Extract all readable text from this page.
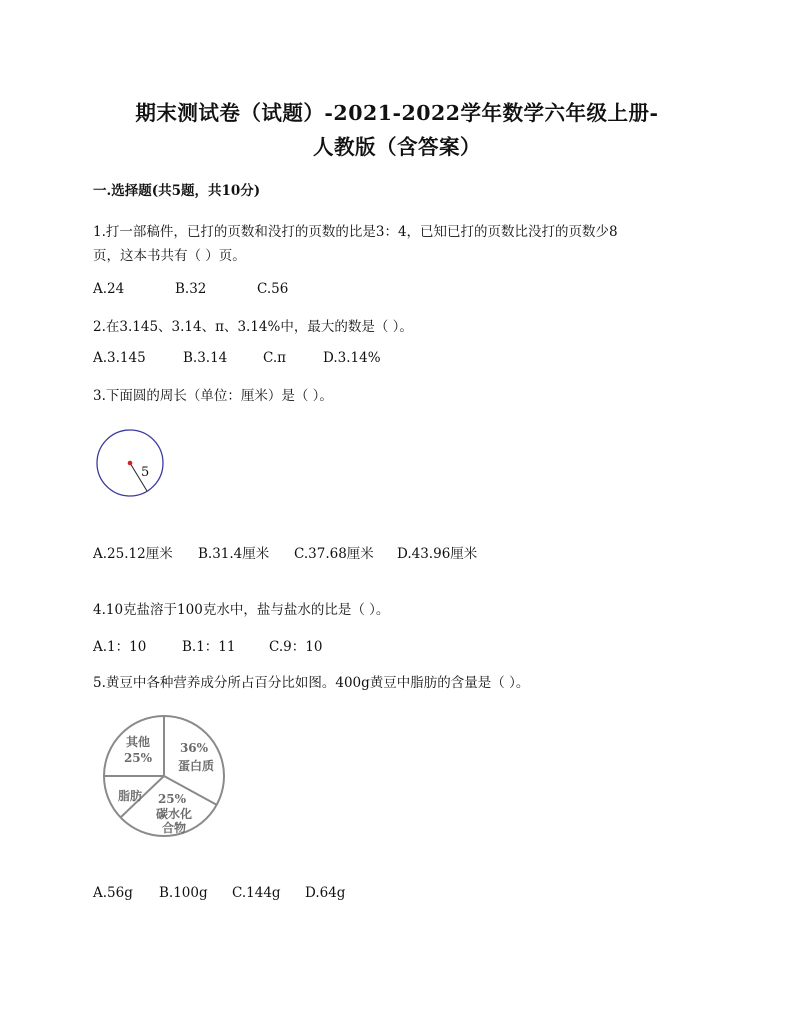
期末测试卷（试题）-2021-2022学年数学六年级上册-
人教版（含答案）
一.选择题(共5题，共10分)
1.打一部稿件，已打的页数和没打的页数的比是3：4，已知已打的页数比没打的页数少8
页，这本书共有（ ）页。
A.24	B.32	C.56
2.在3.145、3.14、π、3.14%中，最大的数是（ ）。
A.3.145	B.3.14	C.π	D.3.14%
3.下面圆的周长（单位：厘米）是（ ）。
5
A.25.12厘米	B.31.4厘米	C.37.68厘米	D.43.96厘米
4.10克盐溶于100克水中，盐与盐水的比是（ ）。
A.1：10	B.1：11	C.9：10
5.黄豆中各种营养成分所占百分比如图。400g黄豆中脂肪的含量是（ ）。
其他
25%
36%
蛋白质
脂肪 25%
碳水化
合物
A.56g	B.100g	C.144g	D.64g
